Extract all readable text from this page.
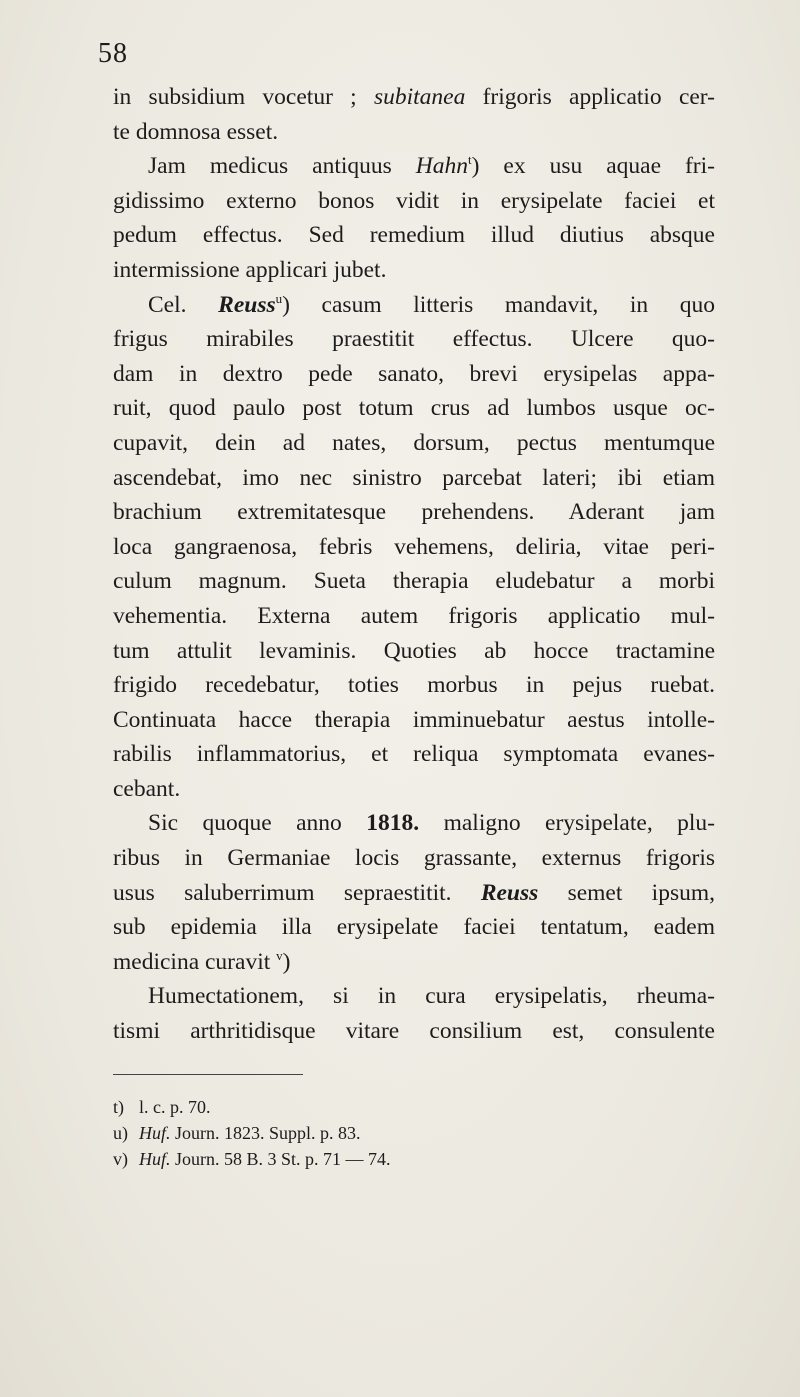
58
in subsidium vocetur ; subitanea frigoris applicatio cer-
te domnosa esset.
Jam medicus antiquus Hahn$^t$) ex usu aquae fri-
gidissimo externo bonos vidit in erysipelate faciei et
pedum effectus. Sed remedium illud diutius absque
intermissione applicari jubet.
Cel. Reuss$^u$) casum litteris mandavit, in quo
frigus mirabiles praestitit effectus. Ulcere quo-
dam in dextro pede sanato, brevi erysipelas appa-
ruit, quod paulo post totum crus ad lumbos usque oc-
cupavit, dein ad nates, dorsum, pectus mentumque
ascendebat, imo nec sinistro parcebat lateri; ibi etiam
brachium extremitatesque prehendens. Aderant jam
loca gangraenosa, febris vehemens, deliria, vitae peri-
culum magnum. Sueta therapia eludebatur a morbi
vehementia. Externa autem frigoris applicatio mul-
tum attulit levaminis. Quoties ab hocce tractamine
frigido recedebatur, toties morbus in pejus ruebat.
Continuata hacce therapia imminuebatur aestus intolle-
rabilis inflammatorius, et reliqua symptomata evanes-
cebant.
Sic quoque anno 1818. maligno erysipelate, plu-
ribus in Germaniae locis grassante, externus frigoris
usus saluberrimum sepraestitit. Reuss semet ipsum,
sub epidemia illa erysipelate faciei tentatum, eadem
medicina curavit $^v$)
Humectationem, si in cura erysipelatis, rheuma-
tismi arthritidisque vitare consilium est, consulente
t) l. c. p. 70.
u) Huf. Journ. 1823. Suppl. p. 83.
v) Huf. Journ. 58 B. 3 St. p. 71 — 74.
